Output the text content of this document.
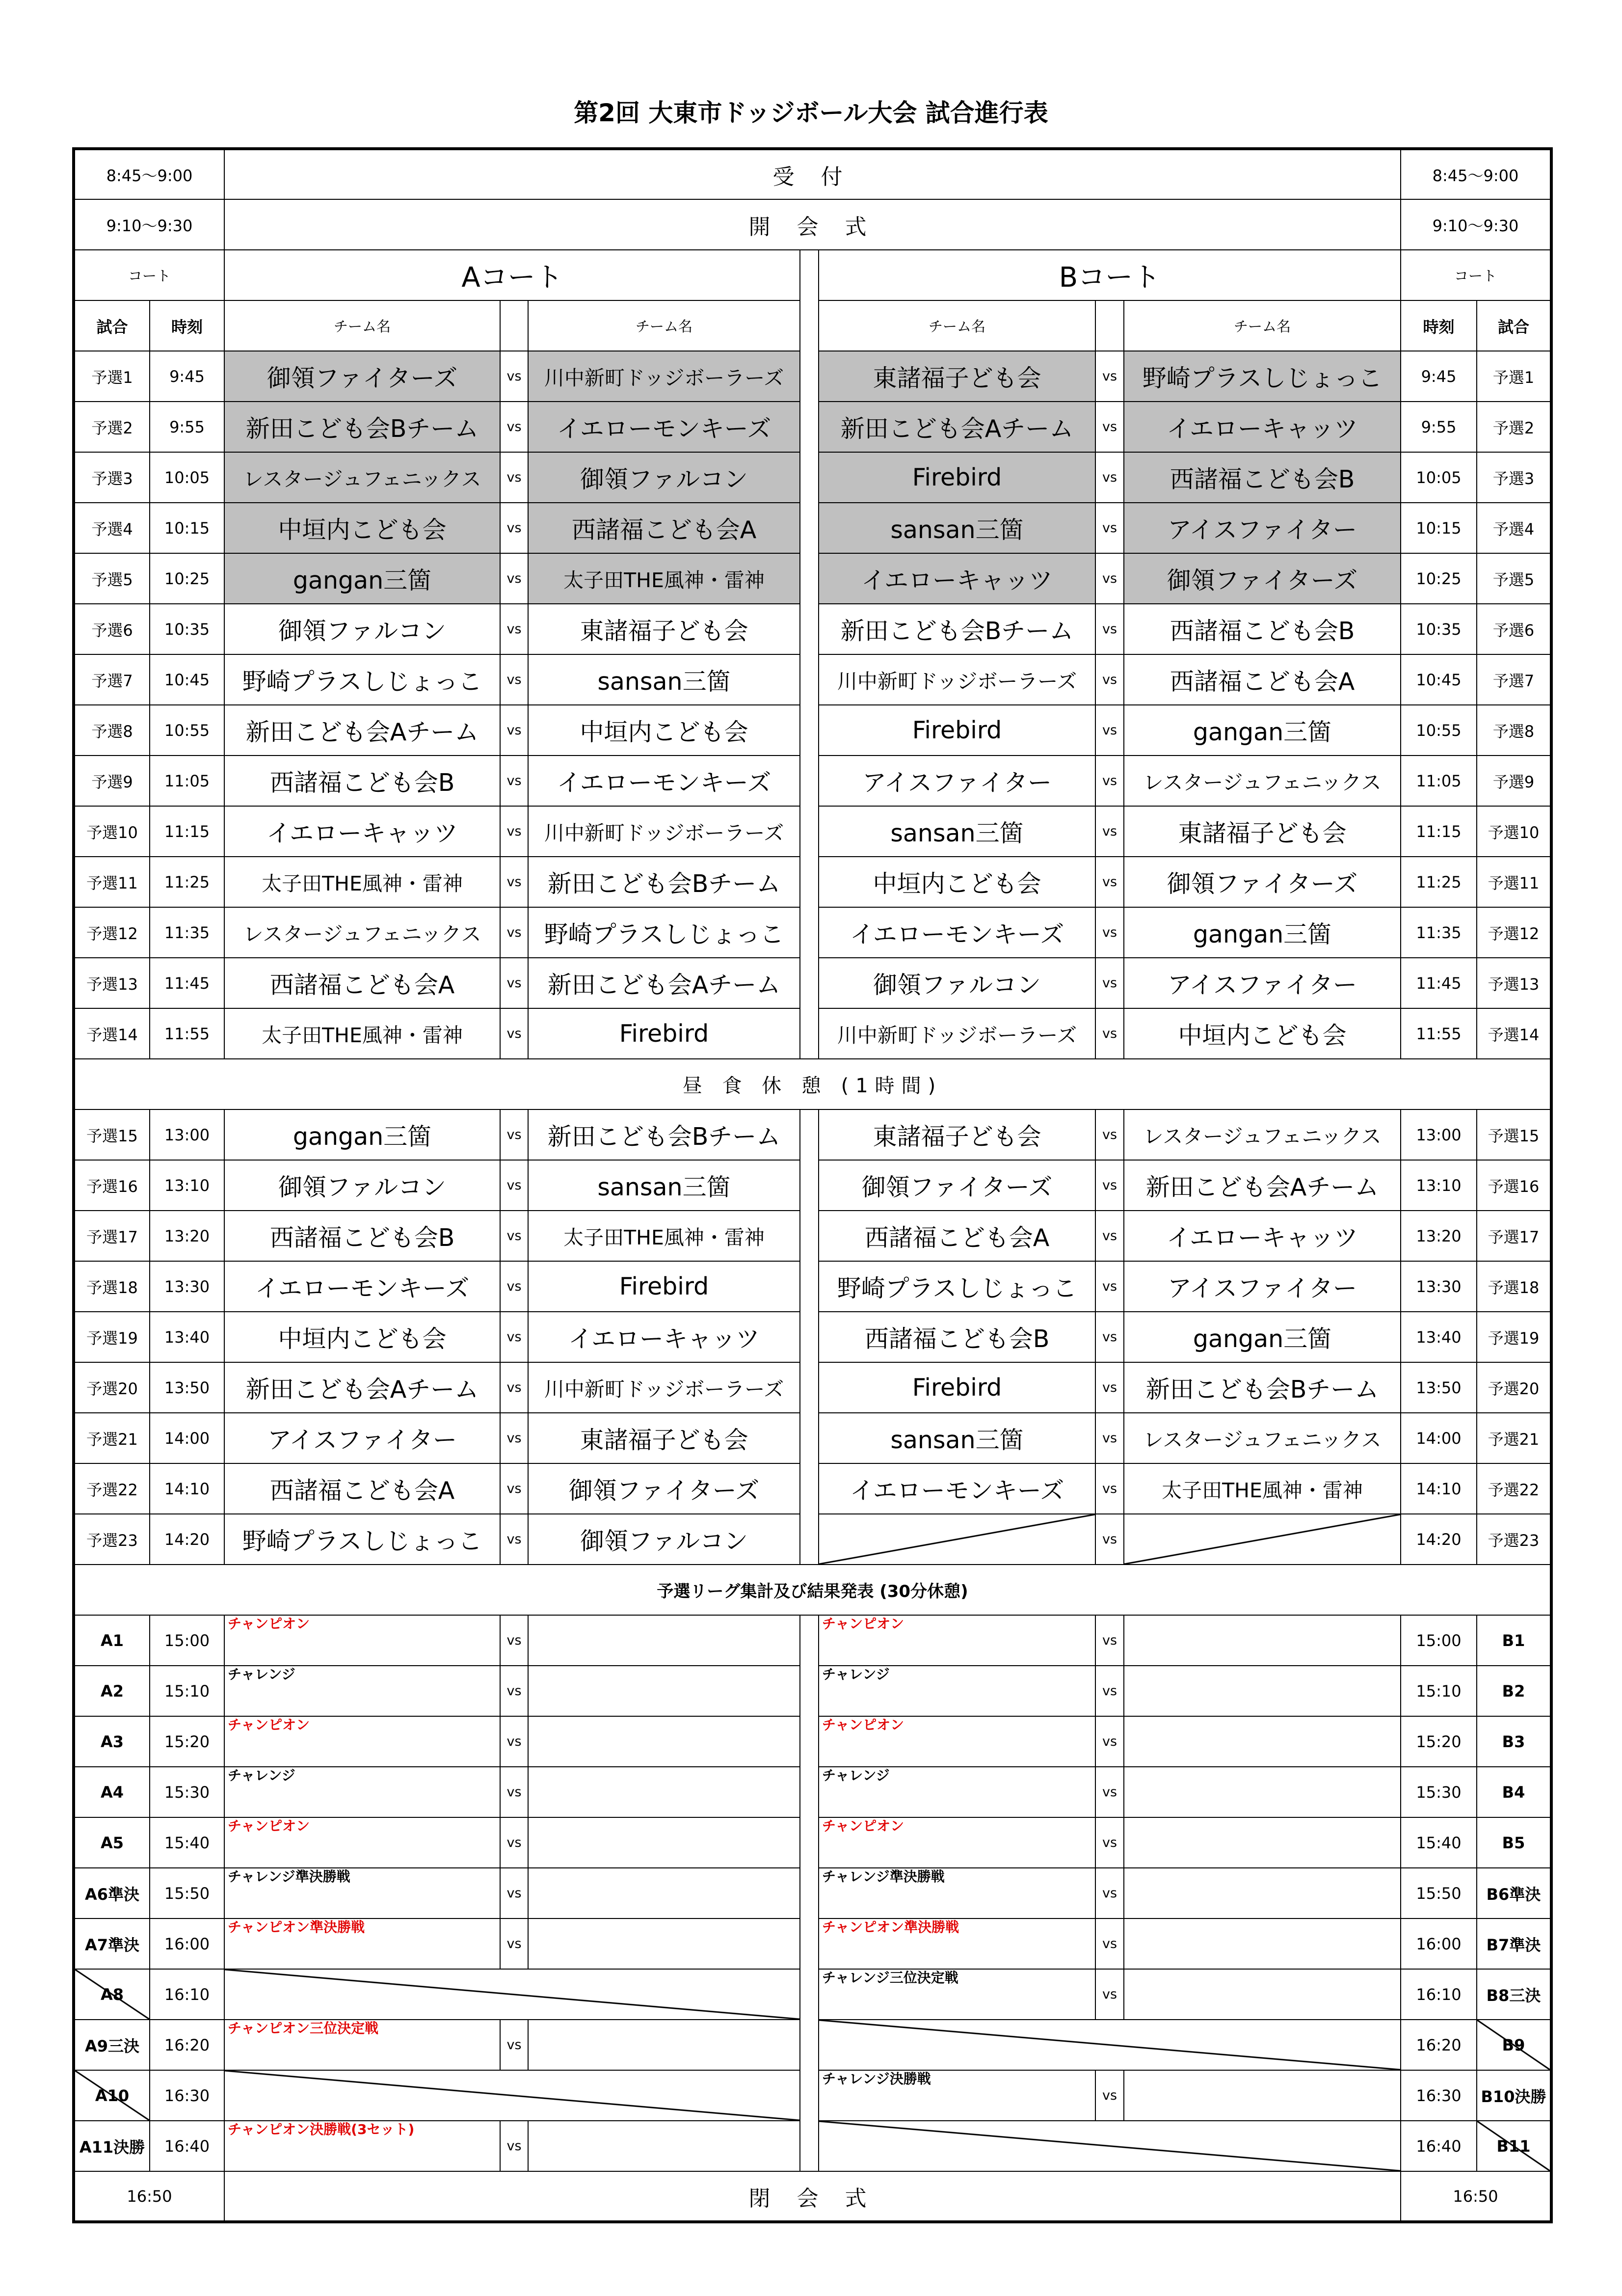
第2回 大東市ドッジボール大会 試合進行表
8:45〜9:00		受 付							8:45〜9:00	
9:10〜9:30		開 会 式							9:10〜9:30	
コート		Aコート				Bコート			コート	
試合	時刻	チーム名		チーム名		チーム名		チーム名	時刻	試合
予選1	9:45	御領ファイターズ	vs	川中新町ドッジボーラーズ		東諸福子ども会	vs	野崎プラスしじょっこ	9:45	予選1
予選2	9:55	新田こども会Bチーム	vs	イエローモンキーズ		新田こども会Aチーム	vs	イエローキャッツ	9:55	予選2
予選3	10:05	レスタージュフェニックス	vs	御領ファルコン		Firebird	vs	西諸福こども会B	10:05	予選3
予選4	10:15	中垣内こども会	vs	西諸福こども会A		sansan三箇	vs	アイスファイター	10:15	予選4
予選5	10:25	gangan三箇	vs	太子田THE風神・雷神		イエローキャッツ	vs	御領ファイターズ	10:25	予選5
予選6	10:35	御領ファルコン	vs	東諸福子ども会		新田こども会Bチーム	vs	西諸福こども会B	10:35	予選6
予選7	10:45	野崎プラスしじょっこ	vs	sansan三箇		川中新町ドッジボーラーズ	vs	西諸福こども会A	10:45	予選7
予選8	10:55	新田こども会Aチーム	vs	中垣内こども会		Firebird	vs	gangan三箇	10:55	予選8
予選9	11:05	西諸福こども会B	vs	イエローモンキーズ		アイスファイター	vs	レスタージュフェニックス	11:05	予選9
予選10	11:15	イエローキャッツ	vs	川中新町ドッジボーラーズ		sansan三箇	vs	東諸福子ども会	11:15	予選10
予選11	11:25	太子田THE風神・雷神	vs	新田こども会Bチーム		中垣内こども会	vs	御領ファイターズ	11:25	予選11
予選12	11:35	レスタージュフェニックス	vs	野崎プラスしじょっこ		イエローモンキーズ	vs	gangan三箇	11:35	予選12
予選13	11:45	西諸福こども会A	vs	新田こども会Aチーム		御領ファルコン	vs	アイスファイター	11:45	予選13
予選14	11:55	太子田THE風神・雷神	vs	Firebird		川中新町ドッジボーラーズ	vs	中垣内こども会	11:55	予選14
昼 食 休 憩 (1時間)										
予選15	13:00	gangan三箇	vs	新田こども会Bチーム		東諸福子ども会	vs	レスタージュフェニックス	13:00	予選15
予選16	13:10	御領ファルコン	vs	sansan三箇		御領ファイターズ	vs	新田こども会Aチーム	13:10	予選16
予選17	13:20	西諸福こども会B	vs	太子田THE風神・雷神		西諸福こども会A	vs	イエローキャッツ	13:20	予選17
予選18	13:30	イエローモンキーズ	vs	Firebird		野崎プラスしじょっこ	vs	アイスファイター	13:30	予選18
予選19	13:40	中垣内こども会	vs	イエローキャッツ		西諸福こども会B	vs	gangan三箇	13:40	予選19
予選20	13:50	新田こども会Aチーム	vs	川中新町ドッジボーラーズ		Firebird	vs	新田こども会Bチーム	13:50	予選20
予選21	14:00	アイスファイター	vs	東諸福子ども会		sansan三箇	vs	レスタージュフェニックス	14:00	予選21
予選22	14:10	西諸福こども会A	vs	御領ファイターズ		イエローモンキーズ	vs	太子田THE風神・雷神	14:10	予選22
予選23	14:20	野崎プラスしじょっこ	vs	御領ファルコン			vs		14:20	予選23
予選リーグ集計及び結果発表 (30分休憩)										
A1	15:00	チャンピオン	vs			チャンピオン	vs		15:00	B1
A2	15:10	チャレンジ	vs			チャレンジ	vs		15:10	B2
A3	15:20	チャンピオン	vs			チャンピオン	vs		15:20	B3
A4	15:30	チャレンジ	vs			チャレンジ	vs		15:30	B4
A5	15:40	チャンピオン	vs			チャンピオン	vs		15:40	B5
A6準決	15:50	チャレンジ準決勝戦	vs			チャレンジ準決勝戦	vs		15:50	B6準決
A7準決	16:00	チャンピオン準決勝戦	vs			チャンピオン準決勝戦	vs		16:00	B7準決
A8	16:10					チャレンジ三位決定戦	vs		16:10	B8三決
A9三決	16:20	チャンピオン三位決定戦	vs						16:20	B9
A10	16:30					チャレンジ決勝戦	vs		16:30	B10決勝
A11決勝	16:40	チャンピオン決勝戦(3セット)	vs						16:40	B11
16:50		閉 会 式							16:50	
